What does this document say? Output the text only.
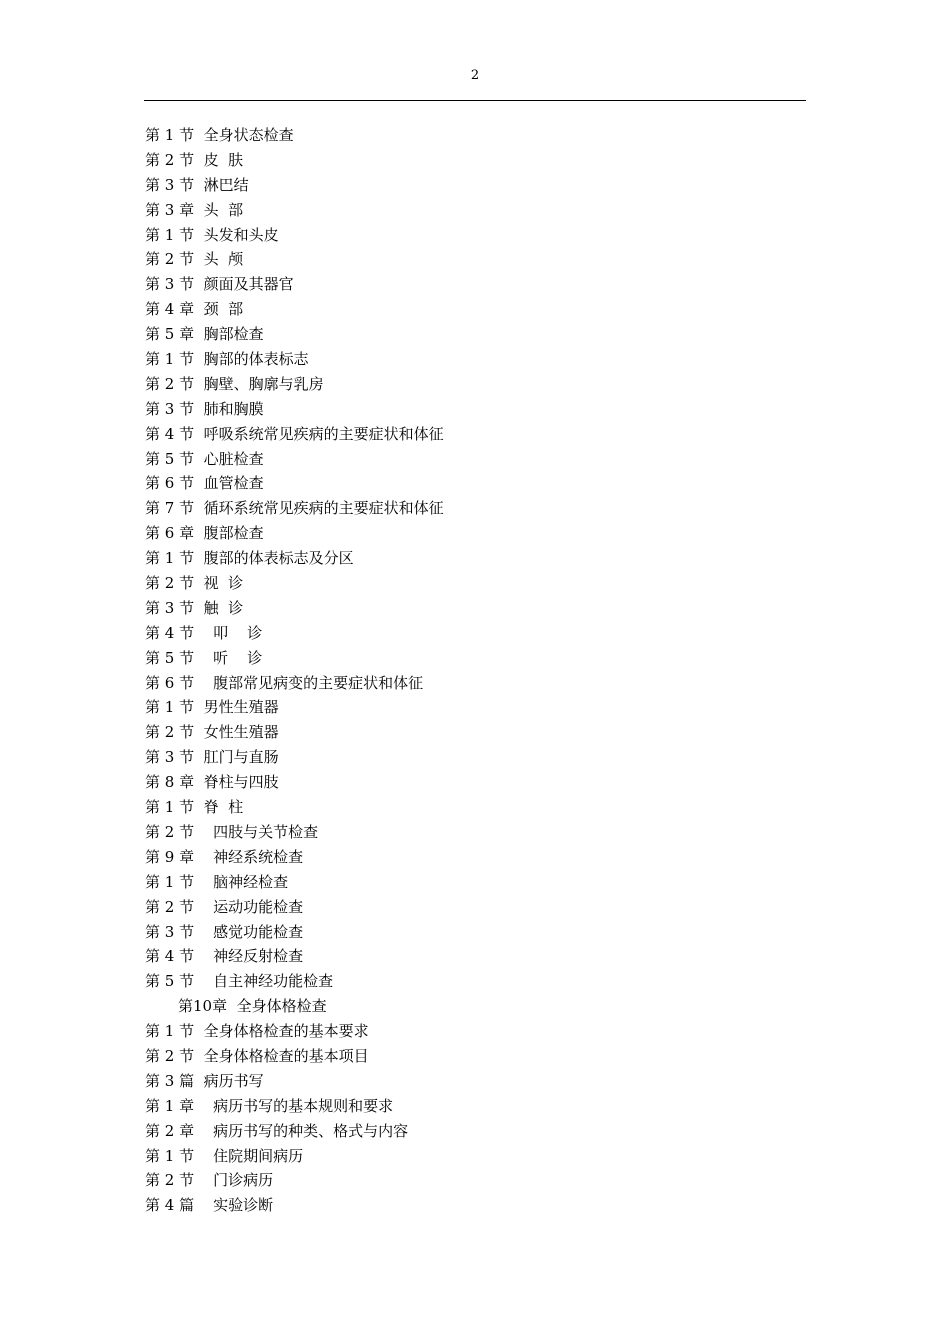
2
第 1 节  全身状态检查
第 2 节  皮  肤
第 3 节  淋巴结
第 3 章  头  部
第 1 节  头发和头皮
第 2 节  头  颅
第 3 节  颜面及其器官
第 4 章  颈  部
第 5 章  胸部检查
第 1 节  胸部的体表标志
第 2 节  胸壁、胸廓与乳房
第 3 节  肺和胸膜
第 4 节  呼吸系统常见疾病的主要症状和体征
第 5 节  心脏检查
第 6 节  血管检查
第 7 节  循环系统常见疾病的主要症状和体征
第 6 章  腹部检查
第 1 节  腹部的体表标志及分区
第 2 节  视  诊
第 3 节  触  诊
第 4 节    叩    诊
第 5 节    听    诊
第 6 节    腹部常见病变的主要症状和体征
第 1 节  男性生殖器
第 2 节  女性生殖器
第 3 节  肛门与直肠
第 8 章  脊柱与四肢
第 1 节  脊  柱
第 2 节    四肢与关节检查
第 9 章    神经系统检查
第 1 节    脑神经检查
第 2 节    运动功能检查
第 3 节    感觉功能检查
第 4 节    神经反射检查
第 5 节    自主神经功能检查
第10章  全身体格检查
第 1 节  全身体格检查的基本要求
第 2 节  全身体格检查的基本项目
第 3 篇  病历书写
第 1 章    病历书写的基本规则和要求
第 2 章    病历书写的种类、格式与内容
第 1 节    住院期间病历
第 2 节    门诊病历
第 4 篇    实验诊断
